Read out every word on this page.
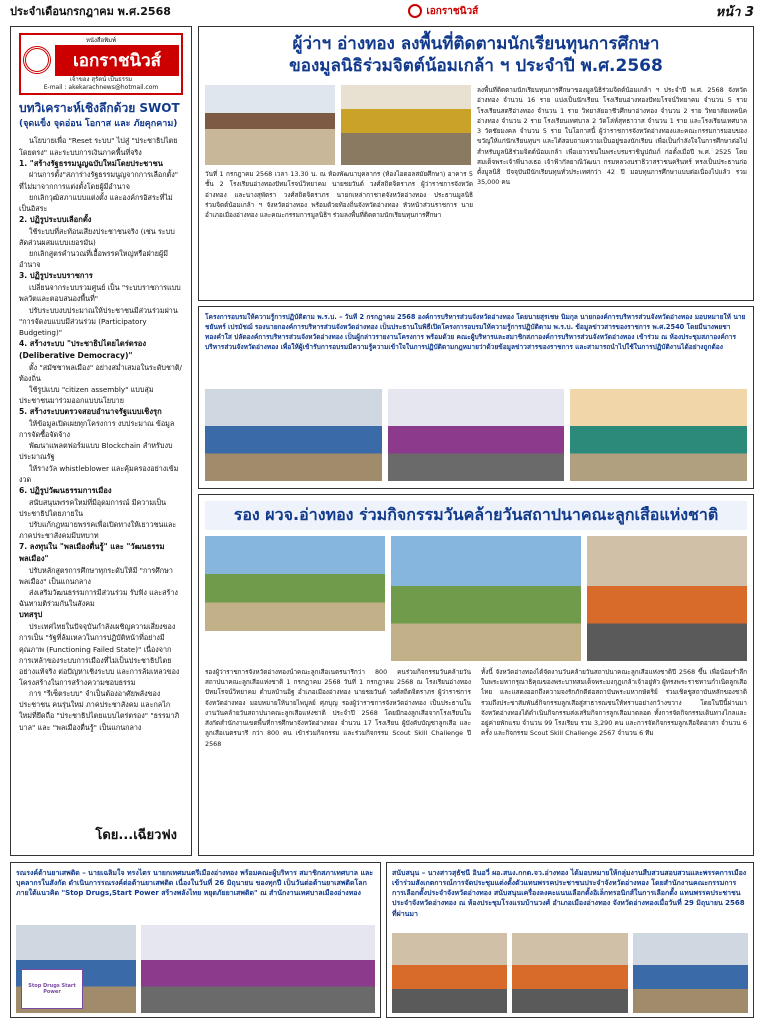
ประจำเดือนกรกฎาคม พ.ศ.2568	เอกราชนิวส์	หน้า 3
หนังสือพิมพ์
เอกราชนิวส์
เจ้าของ สุรัตน์ เป็นธรรม
E-mail : akekarachnews@hotmail.com
บทวิเคราะห์เชิงลึกด้วย SWOT
(จุดแข็ง จุดอ่อน โอกาส และ ภัยคุกคาม)

นโยบายเพื่อ "Reset ระบบ" ไปสู่ "ประชาธิปไตยโดยตรง" และระบบการเงินภาคพื้นที่จริง

1. "สร้างรัฐธรรมนูญฉบับใหม่โดยประชาชน

ผ่านการตั้ง"สภาร่างรัฐธรรมนูญจากการเลือกตั้ง" ที่ไม่มาจากการแต่งตั้งโดยผู้มีอำนาจ

ยกเลิกวุฒิสภาแบบแต่งตั้ง และองค์กรอิสระที่ไม่เป็นอิสระ

2. ปฏิรูประบบเลือกตั้ง

ใช้ระบบที่สะท้อนเสียงประชาชนจริง (เช่น ระบบสัดส่วนผสมแบบเยอรมัน)

ยกเลิกสูตรคำนวณที่เอื้อพรรคใหญ่หรือฝ่ายผู้มีอำนาจ

3. ปฏิรูประบบราชการ

เปลี่ยนจากระบบรวมศูนย์ เป็น "ระบบราชการแบบพลวัตและตอบสนองพื้นที่"

ปรับระบบงบประมาณให้ประชาชนมีส่วนร่วมผ่าน "การจัดงบแบบมีส่วนร่วม (Participatory Budgeting)"

4. สร้างระบบ "ประชาธิปไตยไตร่ตรอง (Deliberative Democracy)"

ตั้ง "สมัชชาพลเมือง" อย่างสม่ำเสมอในระดับชาติ/ท้องถิ่น

ใช้รูปแบบ "citizen assembly" แบบสุ่มประชาชนมาร่วมออกแบบนโยบาย

5. สร้างระบบตรวจสอบอำนาจรัฐแบบเชิงรุก

ให้ข้อมูลเปิดเผยทุกโครงการ งบประมาณ ข้อมูลการจัดซื้อจัดจ้าง

พัฒนาแพลตฟอร์มแบบ Blockchain สำหรับงบประมาณรัฐ

ให้รางวัล whistleblower และคุ้มครองอย่างเข้มงวด

6. ปฏิรูปวัฒนธรรมการเมือง

สนับสนุนพรรคใหม่ที่มีอุดมการณ์ มีความเป็นประชาธิปไตยภายใน

ปรับแก้กฎหมายพรรคเพื่อเปิดทางให้เยาวชนและภาคประชาสังคมมีบทบาท

7. ลงทุนใน "พลเมืองตื่นรู้" และ "วัฒนธรรมพลเมือง"

ปรับหลักสูตรการศึกษาทุกระดับให้มี "การศึกษาพลเมือง" เป็นแกนกลาง

ส่งเสริมวัฒนธรรมการมีส่วนร่วม รับฟัง และสร้างฉันทามติร่วมกันในสังคม

บทสรุป

ประเทศไทยในปัจจุบันกำลังเผชิญความเสี่ยงของการเป็น "รัฐที่ล้มเหลวในการปฏิบัติหน้าที่อย่างมีคุณภาพ (Functioning Failed State)" เนื่องจากการเหล้าของระบบการเมืองที่ไม่เป็นประชาธิปไตยอย่างแท้จริง ต่อปัญหาเชิงระบบ และการล้มเหลวของโครงสร้างในการสร้างความชอบธรรม

การ "รีเซ็ตระบบ" จำเป็นต้องอาศัยพลังของประชาชน คนรุ่นใหม่ ภาคประชาสังคม และกลไกใหม่ที่ยึดถือ "ประชาธิปไตยแบบไตร่ตรอง" "ธรรมาภิบาล" และ "พลเมืองตื่นรู้" เป็นแกนกลาง

โดย...เฉียวฟง
ผู้ว่าฯ อ่างทอง ลงพื้นที่ติดตามนักเรียนทุนการศึกษา
ของมูลนิธิร่วมจิตต์น้อมเกล้า ฯ ประจำปี พ.ศ.2568
ลงพื้นที่ติดตามนักเรียนทุนการศึกษาของมูลนิธิร่วมจิตต์น้อมเกล้า ฯ ประจำปี พ.ศ. 2568 จังหวัดอ่างทอง จำนวน 16 ราย แบ่งเป็นนักเรียน โรงเรียนอ่างทองปัทมโรจน์วิทยาคม จำนวน 5 ราย โรงเรียนสตรีอ่างทอง จำนวน 1 ราย วิทยาลัยอาชีวศึกษาอ่างทอง จำนวน 2 ราย วิทยาลัยเทคนิคอ่างทอง จำนวน 2 ราย โรงเรียนเทศบาล 2 วัดโล่ห์สุทธาวาส จำนวน 1 ราย และโรงเรียนเทศบาล 3 วัดชัยมงคล จำนวน 5 ราย ในโอกาสนี้ ผู้ว่าราชการจังหวัดอ่างทองและคณะกรรมการมอบของขวัญให้แก่นักเรียนทุนฯ และได้สอบถามความเป็นอยู่ของนักเรียน เพื่อเป็นกำลังใจในการศึกษาต่อไป สำหรับมูลนิธิร่วมจิตต์น้อมเกล้า เพื่อเยาวชนในพระบรมราชินูปถัมภ์ ก่อตั้งเมื่อปี พ.ศ. 2525 โดยสมเด็จพระเจ้าพี่นางเธอ เจ้าฟ้ากัลยาณิวัฒนา กรมหลวงนราธิวาสราชนครินทร์ ทรงเป็นประธานก่อตั้งมูลนิธิ ปัจจุบันมีนักเรียนทุนทั่วประเทศกว่า 42 ปี มอบทุนการศึกษาแบบต่อเนื่องไปแล้ว รวม 35,000 คน
วันที่ 1 กรกฎาคม 2568 เวลา 13.30 น. ณ ห้องพัฒนาบุคลากร (ห้องไอดอลสมัยศึกษา) อาคาร 5 ชั้น 2 โรงเรียนอ่างทองปัทมโรจน์วิทยาคม นายชยวันต์ วงศ์สถิตจิตราภร ผู้ว่าราชการจังหวัดอ่างทอง และนางสุพัตรา วงศ์สถิตจิตราภร นายกเหล่ากาชาดจังหวัดอ่างทอง ประธานมูลนิธิร่วมจิตต์น้อมเกล้า ฯ จังหวัดอ่างทอง พร้อมด้วยท้องถิ่นจังหวัดอ่างทอง หัวหน้าส่วนราชการ นายอำเภอเมืองอ่างทอง และคณะกรรมการมูลนิธิฯ ร่วมลงพื้นที่ติดตามนักเรียนทุนการศึกษา
โครงการอบรมให้ความรู้การปฏิบัติตาม พ.ร.บ. – วันที่ 2 กรกฎาคม 2568 องค์การบริหารส่วนจังหวัดอ่างทอง โดยนายสุรเชษ นิ่มกุล นายกองค์การบริหารส่วนจังหวัดอ่างทอง มอบหมายให้ นายชยันทร์ เปรมัชฌ์ รองนายกองค์การบริหารส่วนจังหวัดอ่างทอง เป็นประธานในพิธีเปิดโครงการอบรมให้ความรู้การปฏิบัติตาม พ.ร.บ. ข้อมูลข่าวสารของราชการ พ.ศ.2540 โดยมีนางพยชา ทองคำใส ปลัดองค์การบริหารส่วนจังหวัดอ่างทอง เป็นผู้กล่าวรายงานโครงการ พร้อมด้วย คณะผู้บริหารและสมาชิกสภาองค์การบริหารส่วนจังหวัดอ่างทอง เข้าร่วม ณ ห้องประชุมสภาองค์การบริหารส่วนจังหวัดอ่างทอง เพื่อให้ผู้เข้ารับการอบรมมีความรู้ความเข้าใจในการปฏิบัติตามกฎหมายว่าด้วยข้อมูลข่าวสารของราชการ และสามารถนำไปใช้ในการปฏิบัติงานได้อย่างถูกต้อง
รอง ผวจ.อ่างทอง ร่วมกิจกรรมวันคล้ายวันสถาปนาคณะลูกเสือแห่งชาติ
รองผู้ว่าราชการจังหวัดอ่างทองนำคณะลูกเสือเนตรนารีกว่า 800 คนร่วมกิจกรรมวันคล้ายวันสถาปนาคณะลูกเสือแห่งชาติ 1 กรกฎาคม 2568 วันที่ 1 กรกฎาคม 2568 ณ โรงเรียนอ่างทองปัทมโรจน์วิทยาคม ตำบลบ้านอิฐ อำเภอเมืองอ่างทอง นายชยวันต์ วงศ์สถิตจิตราภร ผู้ว่าราชการจังหวัดอ่างทอง มอบหมายให้นายไพบูลย์ ศุภบุญ รองผู้ว่าราชการจังหวัดอ่างทอง เป็นประธานในงานวันคล้ายวันสถาปนาคณะลูกเสือแห่งชาติ ประจำปี 2568 โดยมีกองลูกเสือจากโรงเรียนในสังกัดสำนักงานเขตพื้นที่การศึกษาจังหวัดอ่างทอง จำนวน 17 โรงเรียน ผู้บังคับบัญชาลูกเสือ และลูกเสือเนตรนารี กว่า 800 คน เข้าร่วมกิจกรรม และร่วมกิจกรรม Scout Skill Challenge ปี 2568
ทั้งนี้ จังหวัดอ่างทองได้จัดงานวันคล้ายวันสถาปนาคณะลูกเสือแห่งชาติปี 2568 ขึ้น เพื่อน้อมรำลึกในพระมหากรุณาธิคุณของพระบาทสมเด็จพระมงกุฎเกล้าเจ้าอยู่หัว ผู้ทรงพระราชทานกำเนิดลูกเสือไทย และแสดงออกถึงความจงรักภักดีต่อสถาบันพระมหากษัตริย์ ร่วมเชิดชูสถาบันหลักของชาติ รวมถึงประชาสัมพันธ์กิจกรรมลูกเสือสู่สาธารณชนให้ทราบอย่างกว้างขวาง โดยในปีนี้ผ่านมา จังหวัดอ่างทองได้ดำเนินกิจกรรมส่งเสริมกิจการลูกเสือมาตลอด ทั้งการจัดกิจกรรมเดินทางไกลและอยู่ค่ายพักแรม จำนวน 99 โรงเรียน รวม 3,290 คน และการจัดกิจกรรมลูกเสือจิตอาสา จำนวน 6 ครั้ง และกิจกรรม Scout Skill Challenge 2567 จำนวน 6 ทีม
รณรงค์ต้านยาเสพติด – นายเฉลิมใจ ทรงไตร นายกเทศมนตรีเมืองอ่างทอง พร้อมคณะผู้บริหาร สมาชิกสภาเทศบาล และบุคลากรในสังกัด ดำเนินการรณรงค์ต่อต้านยาเสพติด เนื่องในวันที่ 26 มิถุนายน ของทุกปี เป็นวันต่อต้านยาเสพติดโลก ภายใต้แนวคิด "Stop Drugs,Start Power สร้างพลังไทย หยุดภัยยาเสพติด" ณ สำนักงานเทศบาลเมืองอ่างทอง
Stop Drugs Start Power
สนับสนุน – นางสาวสุธัชนี อินอวี่ ผอ.สนง.กกต.จว.อ่างทอง ได้มอบหมายให้กลุ่มงานสืบสวนสอบสวนและพรรคการเมือง เข้าร่วมสังเกตการณ์การจัดประชุมแต่งตั้งตัวแทนพรรคประชาชนประจำจังหวัดอ่างทอง โดยสำนักงานคณะกรรมการการเลือกตั้งประจำจังหวัดอ่างทอง สนับสนุนเครื่องลงคะแนนเลือกตั้งอิเล็กทรอนิกส์ในการเลือกตั้ง แทนพรรคประชาชนประจำจังหวัดอ่างทอง ณ ห้องประชุมโรงแรมบ้านวงศ์ อำเภอเมืองอ่างทอง จังหวัดอ่างทองเมื่อวันที่ 29 มิถุนายน 2568 ที่ผ่านมา
